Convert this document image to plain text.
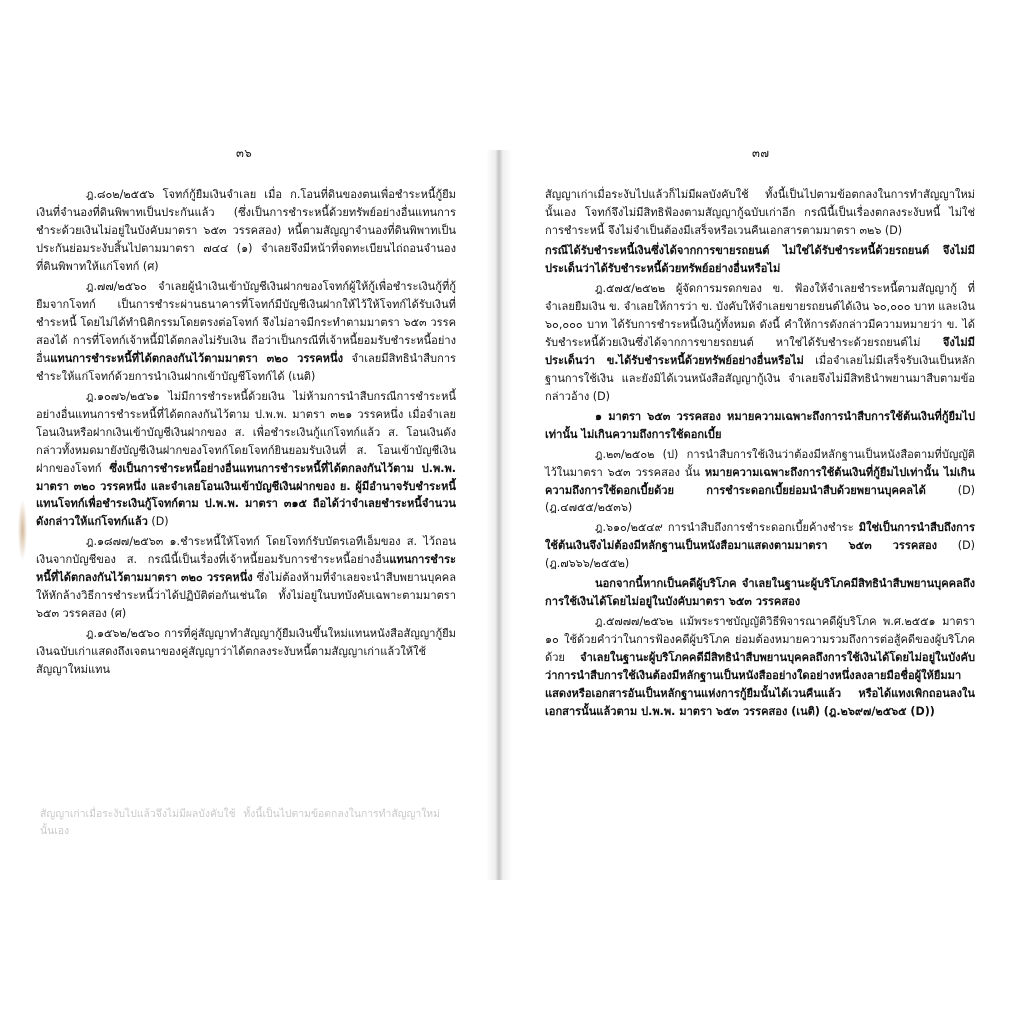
๓๖	๓๗

ฎ.๘๐๒/๒๕๕๖ โจทก์กู้ยืมเงินจำเลย เมื่อ ก.โอนที่ดินของตนเพื่อชำระหนี้กู้ยืมเงินที่จำนองที่ดินพิพาทเป็นประกันแล้ว (ซึ่งเป็นการชำระหนี้ด้วยทรัพย์อย่างอื่นแทนการชำระด้วยเงินไม่อยู่ในบังคับมาตรา ๖๕๓ วรรคสอง) หนี้ตามสัญญาจำนองที่ดินพิพาทเป็นประกันย่อมระงับสิ้นไปตามมาตรา ๗๔๔ (๑) จำเลยจึงมีหน้าที่จดทะเบียนไถ่ถอนจำนองที่ดินพิพาทให้แก่โจทก์ (ศ)

ฎ.๗๗/๒๕๖๐ จำเลยผู้นำเงินเข้าบัญชีเงินฝากของโจทก์ผู้ให้กู้เพื่อชำระเงินกู้ที่กู้ยืมจากโจทก์ เป็นการชำระผ่านธนาคารที่โจทก์มีบัญชีเงินฝากให้ไว้ให้โจทก์ได้รับเงินที่ชำระหนี้ โดยไม่ได้ทำนิติกรรมโดยตรงต่อโจทก์ จึงไม่อาจมีกระทำตามมาตรา ๖๕๓ วรรคสองได้ การที่โจทก์เจ้าหนี้มิได้ตกลงไม่รับเงิน ถือว่าเป็นกรณีที่เจ้าหนี้ยอมรับชำระหนี้อย่างอื่นแทนการชำระหนี้ที่ได้ตกลงกันไว้ตามมาตรา ๓๒๐ วรรคหนึ่ง จำเลยมีสิทธินำสืบการชำระให้แก่โจทก์ด้วยการนำเงินฝากเข้าบัญชีโจทก์ได้ (เนติ)

ฎ.๑๐๗๖/๒๕๖๑ ไม่มีการชำระหนี้ด้วยเงิน ไม่ห้ามการนำสืบกรณีการชำระหนี้อย่างอื่นแทนการชำระหนี้ที่ได้ตกลงกันไว้ตาม ป.พ.พ. มาตรา ๓๒๑ วรรคหนึ่ง เมื่อจำเลยโอนเงินหรือฝากเงินเข้าบัญชีเงินฝากของ ส. เพื่อชำระเงินกู้แก่โจทก์แล้ว ส. โอนเงินดังกล่าวทั้งหมดมายังบัญชีเงินฝากของโจทก์โดยโจทก์ยินยอมรับเงินที่ ส. โอนเข้าบัญชีเงินฝากของโจทก์ ซึ่งเป็นการชำระหนี้อย่างอื่นแทนการชำระหนี้ที่ได้ตกลงกันไว้ตาม ป.พ.พ. มาตรา ๓๒๐ วรรคหนึ่ง และจำเลยโอนเงินเข้าบัญชีเงินฝากของ ย. ผู้มีอำนาจรับชำระหนี้แทนโจทก์เพื่อชำระเงินกู้โจทก์ตาม ป.พ.พ. มาตรา ๓๑๕ ถือได้ว่าจำเลยชำระหนี้จำนวนดังกล่าวให้แก่โจทก์แล้ว (D)

ฎ.๑๘๗๗/๒๕๖๓ ๑.ชำระหนี้ให้โจทก์ โดยโจทก์รับบัตรเอทีเอ็มของ ส. ไว้ถอนเงินจากบัญชีของ ส. กรณีนี้เป็นเรื่องที่เจ้าหนี้ยอมรับการชำระหนี้อย่างอื่นแทนการชำระหนี้ที่ได้ตกลงกันไว้ตามมาตรา ๓๒๐ วรรคหนึ่ง ซึ่งไม่ต้องห้ามที่จำเลยจะนำสืบพยานบุคคลให้หักล้างวิธีการชำระหนี้ว่าได้ปฏิบัติต่อกันเช่นใด ทั้งไม่อยู่ในบทบังคับเฉพาะตามมาตรา ๖๕๓ วรรคสอง (ศ)

ฎ.๑๕๖๒/๒๕๖๐ การที่คู่สัญญาทำสัญญากู้ยืมเงินขึ้นใหม่แทนหนังสือสัญญากู้ยืมเงินฉบับเก่าแสดงถึงเจตนาของคู่สัญญาว่าได้ตกลงระงับหนี้ตามสัญญาเก่าแล้วให้ใช้สัญญาใหม่แทน

สัญญาเก่าเมื่อระงับไปแล้วก็ไม่มีผลบังคับใช้ ทั้งนี้เป็นไปตามข้อตกลงในการทำสัญญาใหม่นั้นเอง โจทก์จึงไม่มีสิทธิฟ้องตามสัญญากู้ฉบับเก่าอีก กรณีนี้เป็นเรื่องตกลงระงับหนี้ ไม่ใช่การชำระหนี้ จึงไม่จำเป็นต้องมีเสร็จหรือเวนคืนเอกสารตามมาตรา ๓๒๖ (D)

กรณีได้รับชำระหนี้เงินซึ่งได้จากการขายรถยนต์ ไม่ใช่ได้รับชำระหนี้ด้วยรถยนต์ จึงไม่มีประเด็นว่าได้รับชำระหนี้ด้วยทรัพย์อย่างอื่นหรือไม่

ฎ.๕๗๕/๒๕๒๒ ผู้จัดการมรดกของ ข. ฟ้องให้จำเลยชำระหนี้ตามสัญญากู้ ที่จำเลยยืมเงิน ข. จำเลยให้การว่า ข. บังคับให้จำเลยขายรถยนต์ได้เงิน ๖๐,๐๐๐ บาท และเงิน ๖๐,๐๐๐ บาท ได้รับการชำระหนี้เงินกู้ทั้งหมด ดังนี้ คำให้การดังกล่าวมีความหมายว่า ข. ได้รับชำระหนี้ด้วยเงินซึ่งได้จากการขายรถยนต์ หาใช่ได้รับชำระด้วยรถยนต์ไม่ จึงไม่มีประเด็นว่า ข.ได้รับชำระหนี้ด้วยทรัพย์อย่างอื่นหรือไม่ เมื่อจำเลยไม่มีเสร็จรับเงินเป็นหลักฐานการใช้เงิน และยังมิได้เวนหนังสือสัญญากู้เงิน จำเลยจึงไม่มีสิทธินำพยานมาสืบตามข้อกล่าวอ้าง (D)

๑ มาตรา ๖๕๓ วรรคสอง หมายความเฉพาะถึงการนำสืบการใช้ต้นเงินที่กู้ยืมไปเท่านั้น ไม่เกินความถึงการใช้ดอกเบี้ย

ฎ.๒๓/๒๕๐๒ (ป) การนำสืบการใช้เงินว่าต้องมีหลักฐานเป็นหนังสือตามที่บัญญัติไว้ในมาตรา ๖๕๓ วรรคสอง นั้น หมายความเฉพาะถึงการใช้ต้นเงินที่กู้ยืมไปเท่านั้น ไม่เกินความถึงการใช้ดอกเบี้ยด้วย การชำระดอกเบี้ยย่อมนำสืบด้วยพยานบุคคลได้ (D) (ฎ.๔๗๕๕/๒๕๓๖)

ฎ.๖๑๐/๒๕๔๙ การนำสืบถึงการชำระดอกเบี้ยค้างชำระ มิใช่เป็นการนำสืบถึงการใช้ต้นเงินจึงไม่ต้องมีหลักฐานเป็นหนังสือมาแสดงตามมาตรา ๖๕๓ วรรคสอง (D) (ฎ.๗๖๖๖/๒๕๕๒)

นอกจากนี้หากเป็นคดีผู้บริโภค จำเลยในฐานะผู้บริโภคมีสิทธินำสืบพยานบุคคลถึงการใช้เงินได้โดยไม่อยู่ในบังคับมาตรา ๖๕๓ วรรคสอง

ฎ.๕๗๗๗/๒๕๖๒ แม้พระราชบัญญัติวิธีพิจารณาคดีผู้บริโภค พ.ศ.๒๕๕๑ มาตรา ๑๐ ใช้ด้วยคำว่าในการฟ้องคดีผู้บริโภค ย่อมต้องหมายความรวมถึงการต่อสู้คดีของผู้บริโภคด้วย จำเลยในฐานะผู้บริโภคคดีมีสิทธินำสืบพยานบุคคลถึงการใช้เงินได้โดยไม่อยู่ในบังคับว่าการนำสืบการใช้เงินต้องมีหลักฐานเป็นหนังสืออย่างใดอย่างหนึ่งลงลายมือชื่อผู้ให้ยืมมาแสดงหรือเอกสารอันเป็นหลักฐานแห่งการกู้ยืมนั้นได้เวนคืนแล้ว หรือได้แทงเพิกถอนลงในเอกสารนั้นแล้วตาม ป.พ.พ. มาตรา ๖๕๓ วรรคสอง (เนติ) (ฎ.๒๖๙๗/๒๕๖๕ (D))

สัญญาเก่าเมื่อระงับไปแล้วจึงไม่มีผลบังคับใช้ ทั้งนี้เป็นไปตามข้อตกลงในการทำสัญญาใหม่นั้นเอง
